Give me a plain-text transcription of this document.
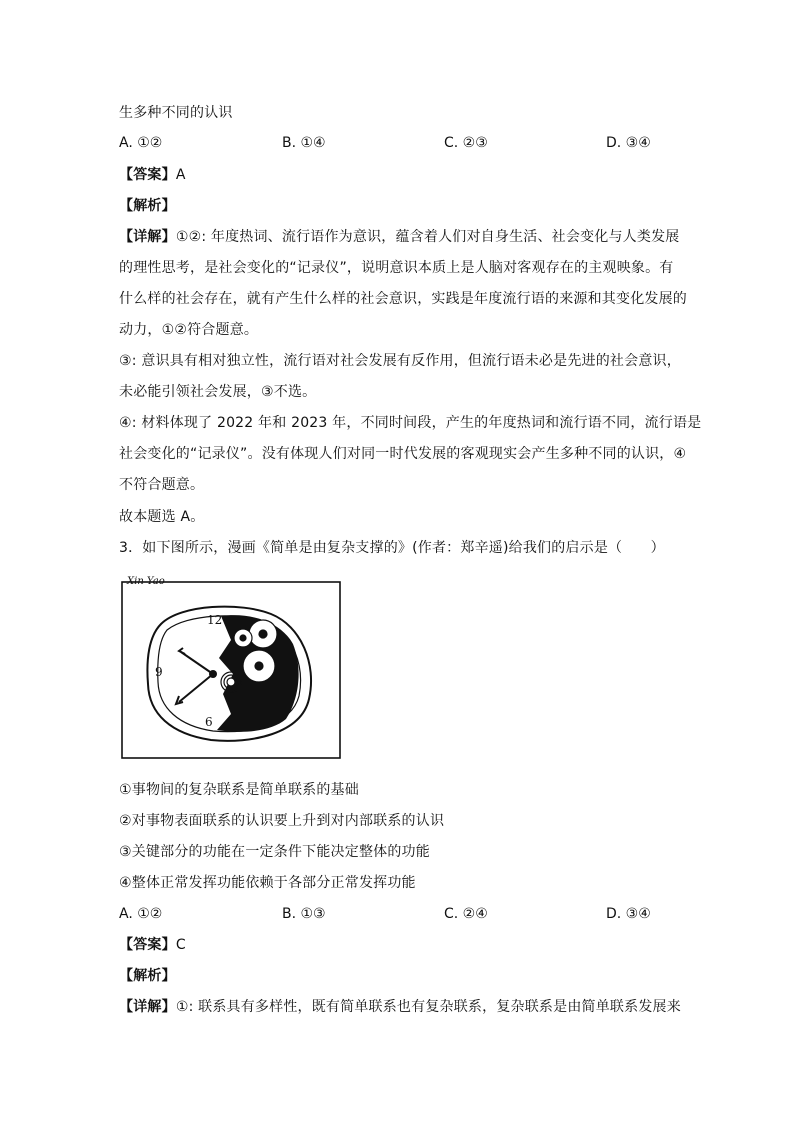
生多种不同的认识
A. ①②	B. ①④	C. ②③	D. ③④
【答案】A
【解析】
【详解】①②: 年度热词、流行语作为意识，蕴含着人们对自身生活、社会变化与人类发展
的理性思考，是社会变化的“记录仪”，说明意识本质上是人脑对客观存在的主观映象。有
什么样的社会存在，就有产生什么样的社会意识，实践是年度流行语的来源和其变化发展的
动力，①②符合题意。
③: 意识具有相对独立性，流行语对社会发展有反作用，但流行语未必是先进的社会意识，
未必能引领社会发展，③不选。
④: 材料体现了 2022 年和 2023 年，不同时间段，产生的年度热词和流行语不同，流行语是
社会变化的“记录仪”。没有体现人们对同一时代发展的客观现实会产生多种不同的认识，④
不符合题意。
故本题选 A。
3．如下图所示，漫画《简单是由复杂支撑的》(作者：郑辛遥)给我们的启示是（　　）
Xin Yao
12
9
6
①事物间的复杂联系是简单联系的基础
②对事物表面联系的认识要上升到对内部联系的认识
③关键部分的功能在一定条件下能决定整体的功能
④整体正常发挥功能依赖于各部分正常发挥功能
A. ①②	B. ①③	C. ②④	D. ③④
【答案】C
【解析】
【详解】①: 联系具有多样性，既有简单联系也有复杂联系，复杂联系是由简单联系发展来
